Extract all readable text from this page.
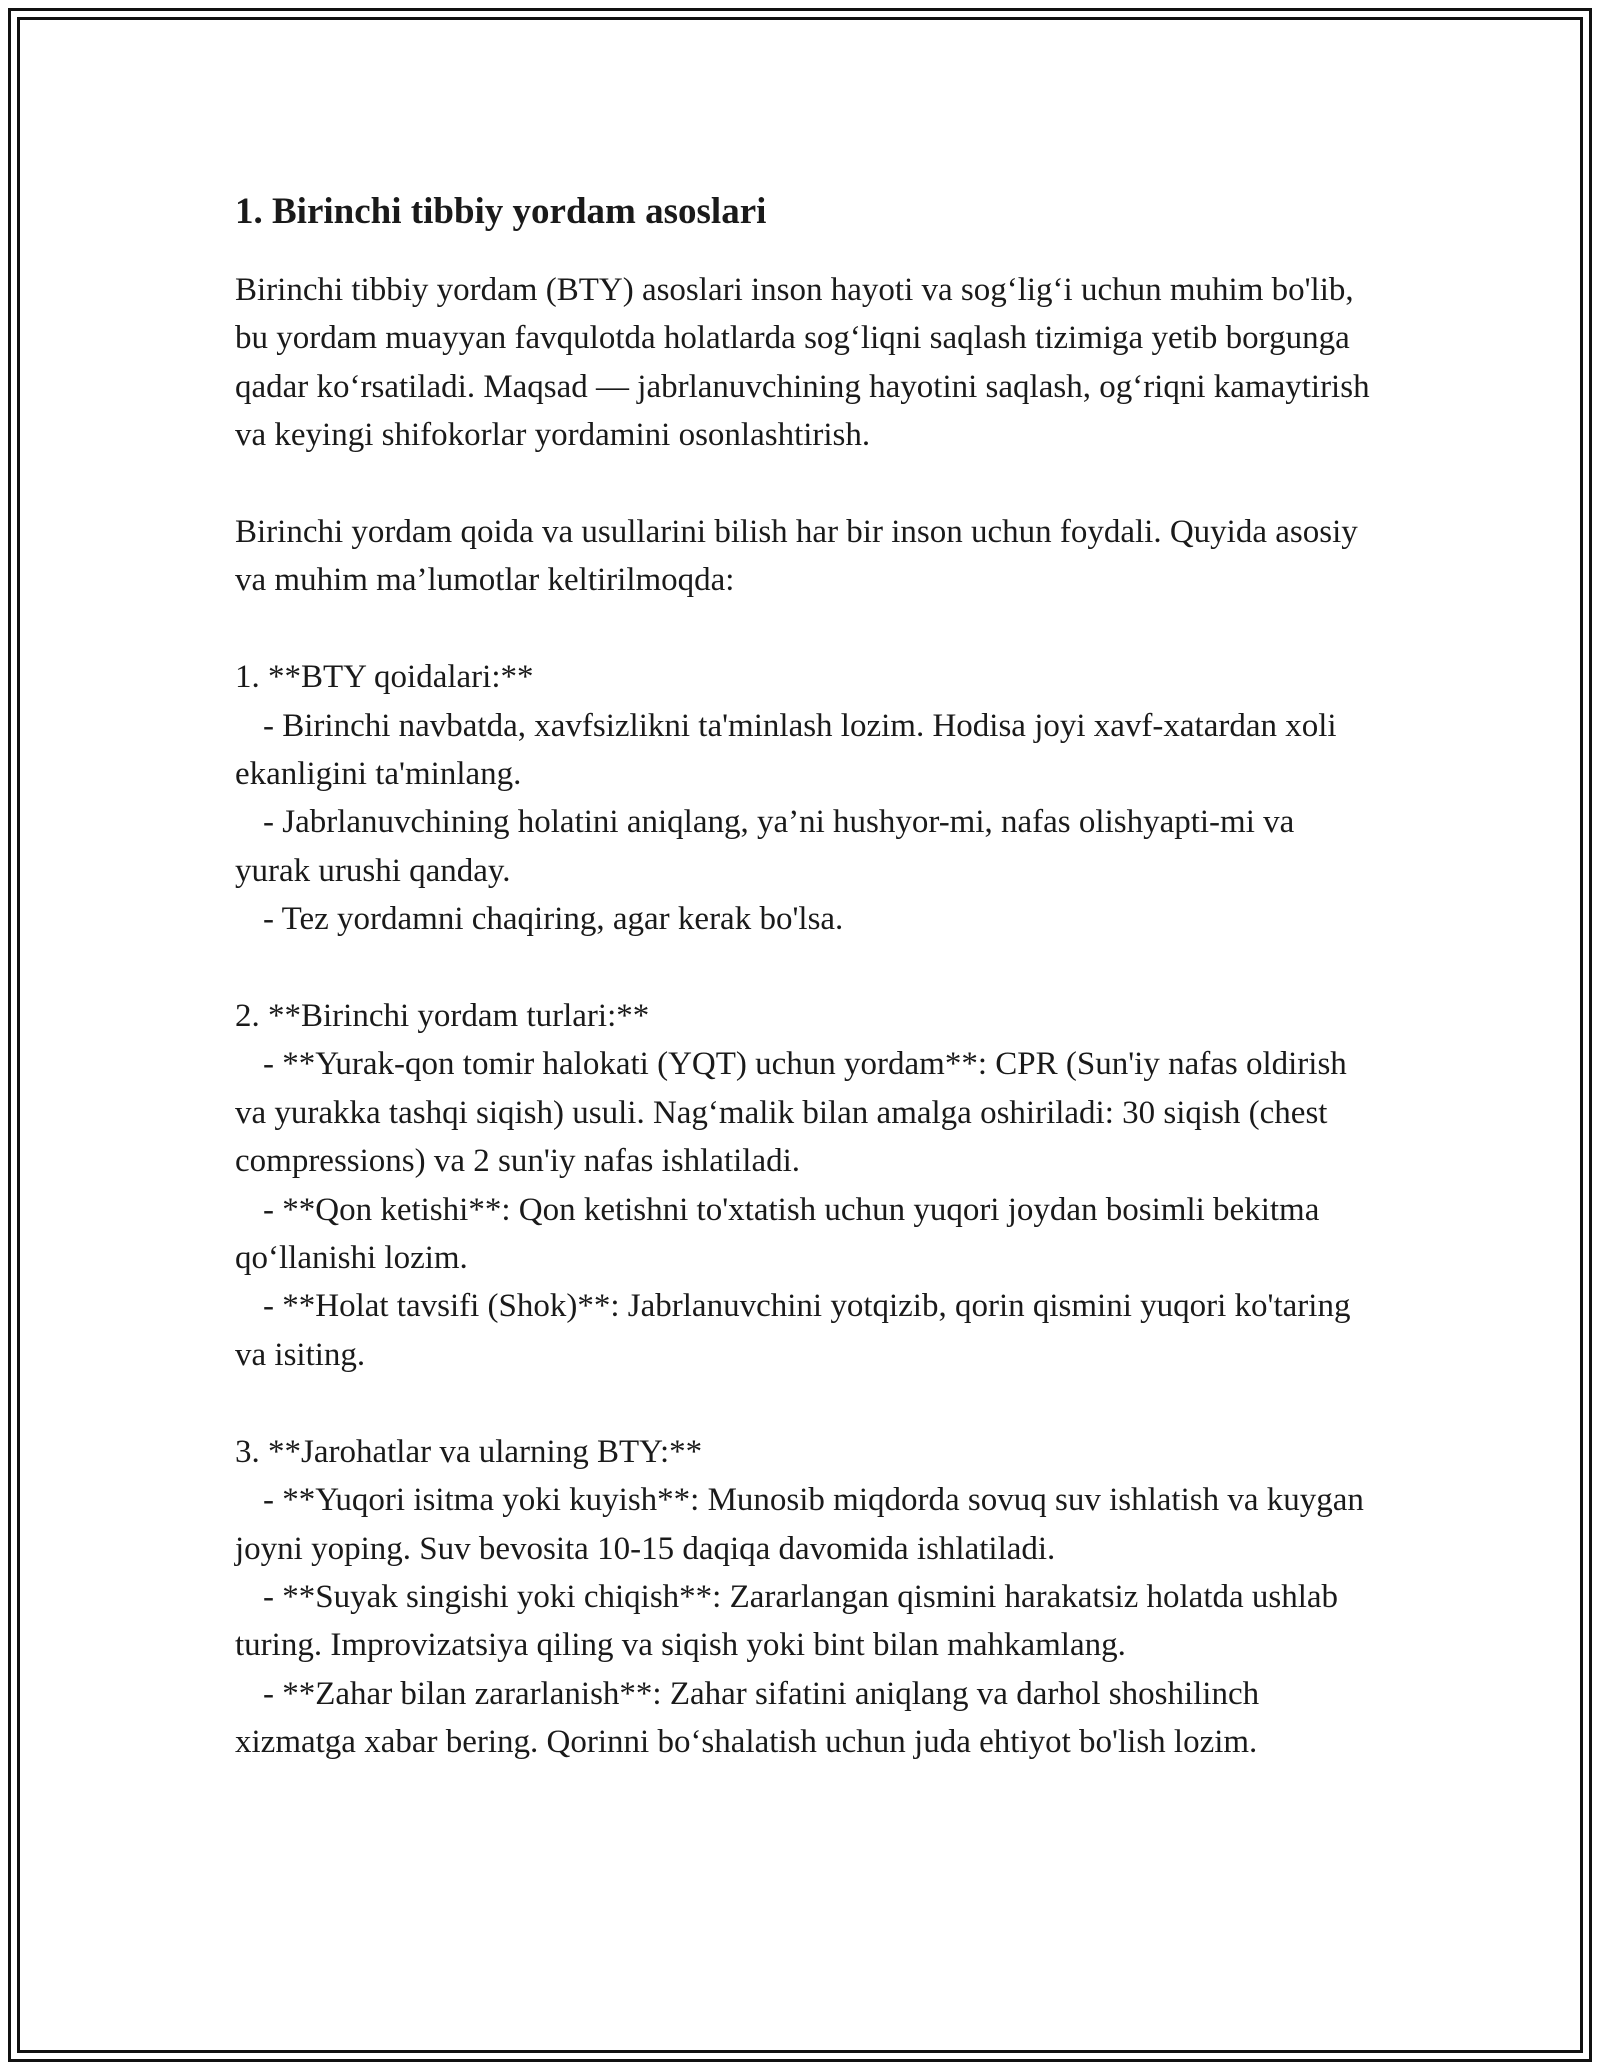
1. Birinchi tibbiy yordam asoslari

Birinchi tibbiy yordam (BTY) asoslari inson hayoti va sog‘lig‘i uchun muhim bo'lib, bu yordam muayyan favqulotda holatlarda sog‘liqni saqlash tizimiga yetib borgunga qadar ko‘rsatiladi. Maqsad — jabrlanuvchining hayotini saqlash, og‘riqni kamaytirish va keyingi shifokorlar yordamini osonlashtirish.

Birinchi yordam qoida va usullarini bilish har bir inson uchun foydali. Quyida asosiy va muhim ma’lumotlar keltirilmoqda:

1. **BTY qoidalari:**

- Birinchi navbatda, xavfsizlikni ta'minlash lozim. Hodisa joyi xavf-xatardan xoli ekanligini ta'minlang.

- Jabrlanuvchining holatini aniqlang, ya’ni hushyor-mi, nafas olishyapti-mi va yurak urushi qanday.

- Tez yordamni chaqiring, agar kerak bo'lsa.

2. **Birinchi yordam turlari:**

- **Yurak-qon tomir halokati (YQT) uchun yordam**: CPR (Sun'iy nafas oldirish va yurakka tashqi siqish) usuli. Nag‘malik bilan amalga oshiriladi: 30 siqish (chest compressions) va 2 sun'iy nafas ishlatiladi.

- **Qon ketishi**: Qon ketishni to'xtatish uchun yuqori joydan bosimli bekitma qo‘llanishi lozim.

- **Holat tavsifi (Shok)**: Jabrlanuvchini yotqizib, qorin qismini yuqori ko'taring va isiting.

3. **Jarohatlar va ularning BTY:**

- **Yuqori isitma yoki kuyish**: Munosib miqdorda sovuq suv ishlatish va kuygan joyni yoping. Suv bevosita 10-15 daqiqa davomida ishlatiladi.

- **Suyak singishi yoki chiqish**: Zararlangan qismini harakatsiz holatda ushlab turing. Improvizatsiya qiling va siqish yoki bint bilan mahkamlang.

- **Zahar bilan zararlanish**: Zahar sifatini aniqlang va darhol shoshilinch xizmatga xabar bering. Qorinni bo‘shalatish uchun juda ehtiyot bo'lish lozim.
